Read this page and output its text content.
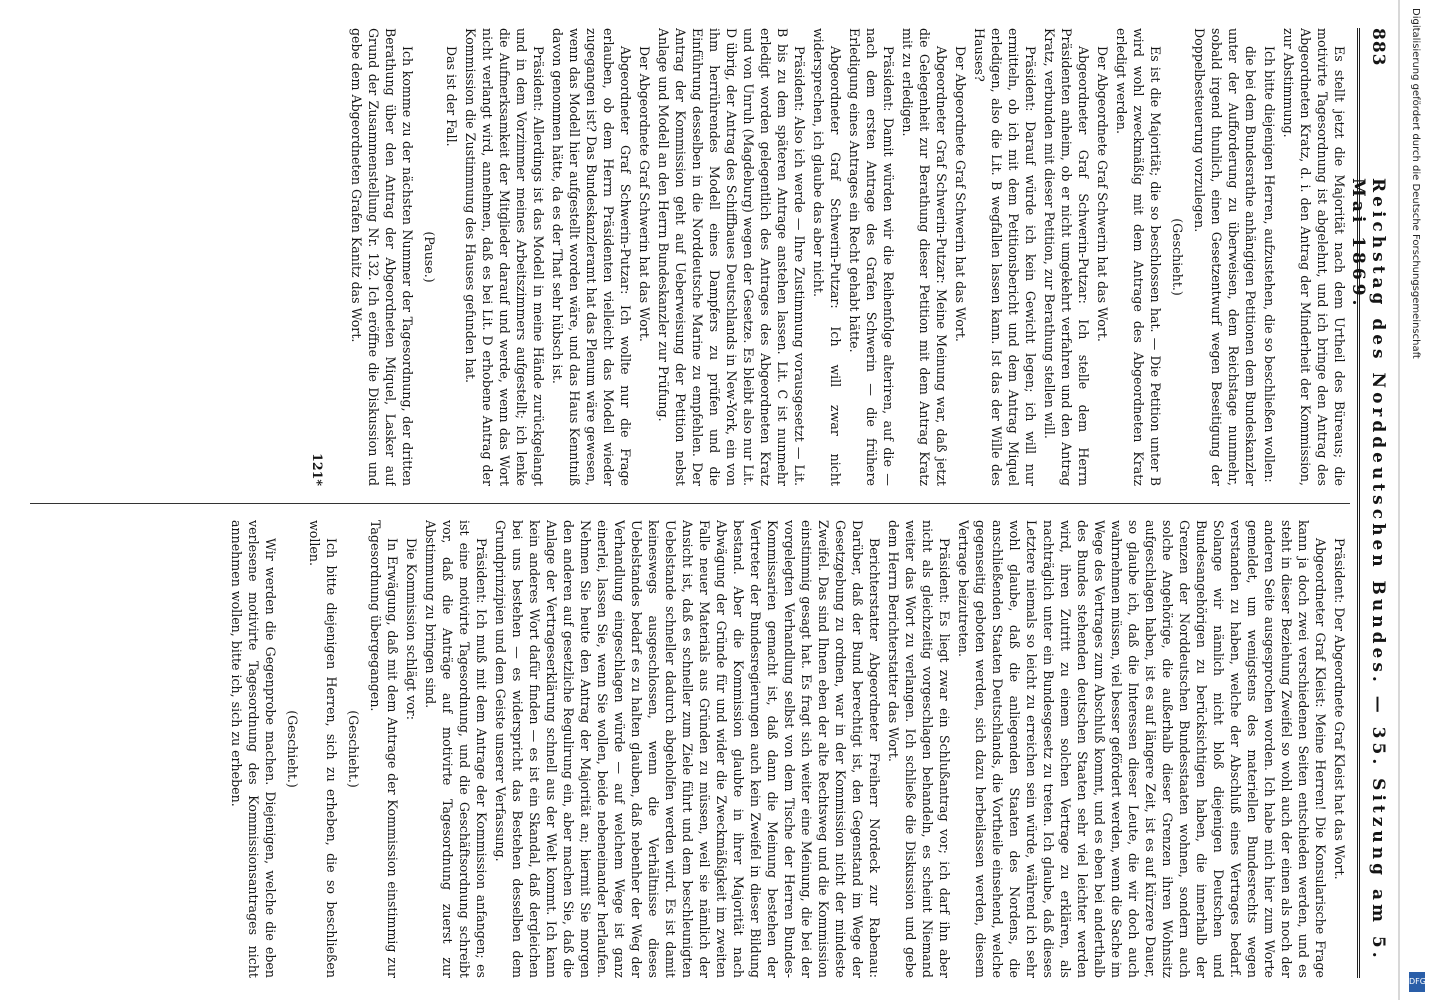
883
Reichstag des Norddeutschen Bundes. — 35. Sitzung am 5. Mai 1869.

Es stellt jetzt die Majorität nach dem Urtheil des Büreaus; die motivirte Tagesordnung ist abgelehnt, und ich bringe den Antrag des Abgeordneten Kratz, d. i. den Antrag der Minderheit der Kommission, zur Abstimmung.

Ich bitte diejenigen Herren, aufzustehen, die so beschließen wollen:

die bei dem Bundesrathe anhängigen Petitionen dem Bundeskanzler unter der Aufforderung zu überweisen, dem Reichstage nunmehr, sobald irgend thunlich, einen Gesetzentwurf wegen Beseitigung der Doppelbesteuerung vorzulegen.

(Geschieht.)

Es ist die Majorität; die so beschlossen hat. — Die Petition unter B wird wohl zweckmäßig mit dem Antrage des Abgeordneten Kratz erledigt werden.

Der Abgeordnete Graf Schwerin hat das Wort.

Abgeordneter Graf Schwerin-Putzar: Ich stelle dem Herrn Präsidenten anheim, ob er nicht umgekehrt verfahren und den Antrag Kratz, verbunden mit dieser Petition, zur Berathung stellen will.

Präsident: Darauf würde ich kein Gewicht legen; ich will nur ermitteln, ob ich mit dem Petitionsbericht und dem Antrag Miquel erledigen, also die Lit. B wegfallen lassen kann. Ist das der Wille des Hauses?

Der Abgeordnete Graf Schwerin hat das Wort.

Abgeordneter Graf Schwerin-Putzar: Meine Meinung war, daß jetzt die Gelegenheit zur Berathung dieser Petition mit dem Antrag Kratz mit zu erledigen.

Präsident: Damit würden wir die Reihenfolge alteriren, auf die — nach dem ersten Antrage des Grafen Schwerin — die frühere Erledigung eines Antrages ein Recht gehabt hätte.

Abgeordneter Graf Schwerin-Putzar: Ich will zwar nicht widersprechen, ich glaube das aber nicht.

Präsident: Also ich werde — Ihre Zustimmung vorausgesetzt — Lit. B bis zu dem späteren Antrage anstehen lassen. Lit. C ist nunmehr erledigt worden gelegentlich des Antrages des Abgeordneten Kratz und von Unruh (Magdeburg) wegen der Gesetze. Es bleibt also nur Lit. D übrig, der Antrag des Schiffbaues Deutschlands in New-York, ein von ihm herrührendes Modell eines Dampfers zu prüfen und die Einführung desselben in die Norddeutsche Marine zu empfehlen. Der Antrag der Kommission geht auf Ueberweisung der Petition nebst Anlage und Modell an den Herrn Bundeskanzler zur Prüfung.

Der Abgeordnete Graf Schwerin hat das Wort.

Abgeordneter Graf Schwerin-Putzar: Ich wollte nur die Frage erlauben, ob dem Herrn Präsidenten vielleicht das Modell wieder zugegangen ist? Das Bundeskanzleramt hat das Plenum wäre gewesen, wenn das Modell hier aufgestellt worden wäre, und das Haus Kenntniß davon genommen hätte, da es der That sehr hübsch ist.

Präsident: Allerdings ist das Modell in meine Hände zurückgelangt und in dem Vorzimmer meines Arbeitszimmers aufgestellt; ich lenke die Aufmerksamkeit der Mitglieder darauf und werde, wenn das Wort nicht verlangt wird, annehmen, daß es bei Lit. D erhobene Antrag der Kommission die Zustimmung des Hauses gefunden hat.

Das ist der Fall.

(Pause.)

Ich komme zu der nächsten Nummer der Tagesordnung, der dritten Berathung über den Antrag der Abgeordneten Miquel, Lasker auf Grund der Zusammenstellung Nr. 132. Ich eröffne die Diskussion und gebe dem Abgeordneten Grafen Kanitz das Wort.

121*

Präsident: Der Abgeordnete Graf Kleist hat das Wort.

Abgeordneter Graf Kleist: Meine Herren! Die Konsularische Frage kann ja doch zwei verschiedenen Seiten entschieden werden, und es steht in dieser Beziehung Zweifel so wohl auch der einen als noch der anderen Seite ausgesprochen worden. Ich habe mich hier zum Worte gemeldet, um wenigstens des materiellen Bundesrechts wegen verstanden zu haben, welche der Abschluß eines Vertrages bedarf. Solange wir nämlich nicht bloß diejenigen Deutschen und Bundesangehörigen zu berücksichtigen haben, die innerhalb der Grenzen der Norddeutschen Bundesstaaten wohnen, sondern auch solche Angehörige, die außerhalb dieser Grenzen ihren Wohnsitz aufgeschlagen haben, ist es auf längere Zeit, ist es auf kürzere Dauer, so glaube ich, daß die Interessen dieser Leute, die wir doch auch wahrnehmen müssen, viel besser gefördert werden, wenn die Sache im Wege des Vertrages zum Abschluß kommt, und es eben bei anderthalb des Bundes stehenden deutschen Staaten sehr viel leichter werden wird, ihren Zutritt zu einem solchen Vertrage zu erklären, als nachträglich unter ein Bundesgesetz zu treten. Ich glaube, daß dieses Letztere niemals so leicht zu erreichen sein würde, während ich sehr wohl glaube, daß die anliegenden Staaten des Nordens, die anschließenden Staaten Deutschlands, die Vortheile einsehend, welche gegenseitig geboten werden, sich dazu herbeilassen werden, diesem Vertrage beizutreten.

Präsident: Es liegt zwar ein Schlußantrag vor; ich darf ihn aber nicht als gleichzeitig vorgeschlagen behandeln, es scheint Niemand weiter das Wort zu verlangen. Ich schließe die Diskussion und gebe dem Herrn Berichterstatter das Wort.

Berichterstatter Abgeordneter Freiherr Nordeck zur Rabenau: Darüber, daß der Bund berechtigt ist, den Gegenstand im Wege der Gesetzgebung zu ordnen, war in der Kommission nicht der mindeste Zweifel. Das sind Ihnen eben der alte Rechtsweg und die Kommission einstimmig gesagt hat. Es fragt sich weiter eine Meinung, die bei der vorgelegten Verhandlung selbst von dem Tische der Herren Bundes-Kommissarien gemacht ist, daß dann die Meinung bestehen der Vertreter der Bundesregierungen auch kein Zweifel in dieser Bildung bestand. Aber die Kommission glaubte in ihrer Majorität nach Abwägung der Gründe für und wider die Zweckmäßigkeit im zweiten Falle neuer Materials aus Gründen zu müssen, weil sie nämlich der Ansicht ist, daß es schneller zum Ziele führt und dem beschleunigten Uebelstande schneller dadurch abgeholfen werden wird. Es ist damit keineswegs ausgeschlossen, wenn die Verhältnisse dieses Uebelstandes bedarf es zu halten glauben, daß nebenher der Weg der Verhandlung eingeschlagen würde — auf welchem Wege ist ganz einerlei, lassen Sie, wenn Sie wollen, beide nebeneinander herlaufen. Nehmen Sie heute den Antrag der Majorität an; hiermit Sie morgen den anderen auf gesetzliche Regulirung ein, aber machen Sie, daß die Anlage der Vertrageserklärung schnell aus der Welt kommt. Ich kann kein anderes Wort dafür finden — es ist ein Skandal, daß dergleichen bei uns bestehen — es widerspricht das Bestehen desselben dem Grundprinzipien und dem Geiste unserer Verfassung.

Präsident: Ich muß mit dem Antrage der Kommission anfangen; es ist eine motivirte Tagesordnung, und die Geschäftsordnung schreibt vor, daß die Anträge auf motivirte Tagesordnung zuerst zur Abstimmung zu bringen sind.

Die Kommission schlägt vor:

In Erwägung, daß mit dem Antrage der Kommission einstimmig zur Tagesordnung übergegangen.

(Geschieht.)

Ich bitte diejenigen Herren, sich zu erheben, die so beschließen wollen.

(Geschieht.)

Wir werden die Gegenprobe machen. Diejenigen, welche die eben verlesene motivirte Tagesordnung des Kommissionsantrages nicht annehmen wollen, bitte ich, sich zu erheben.

Digitalisierung gefördert durch die Deutsche Forschungsgemeinschaft
DFG
